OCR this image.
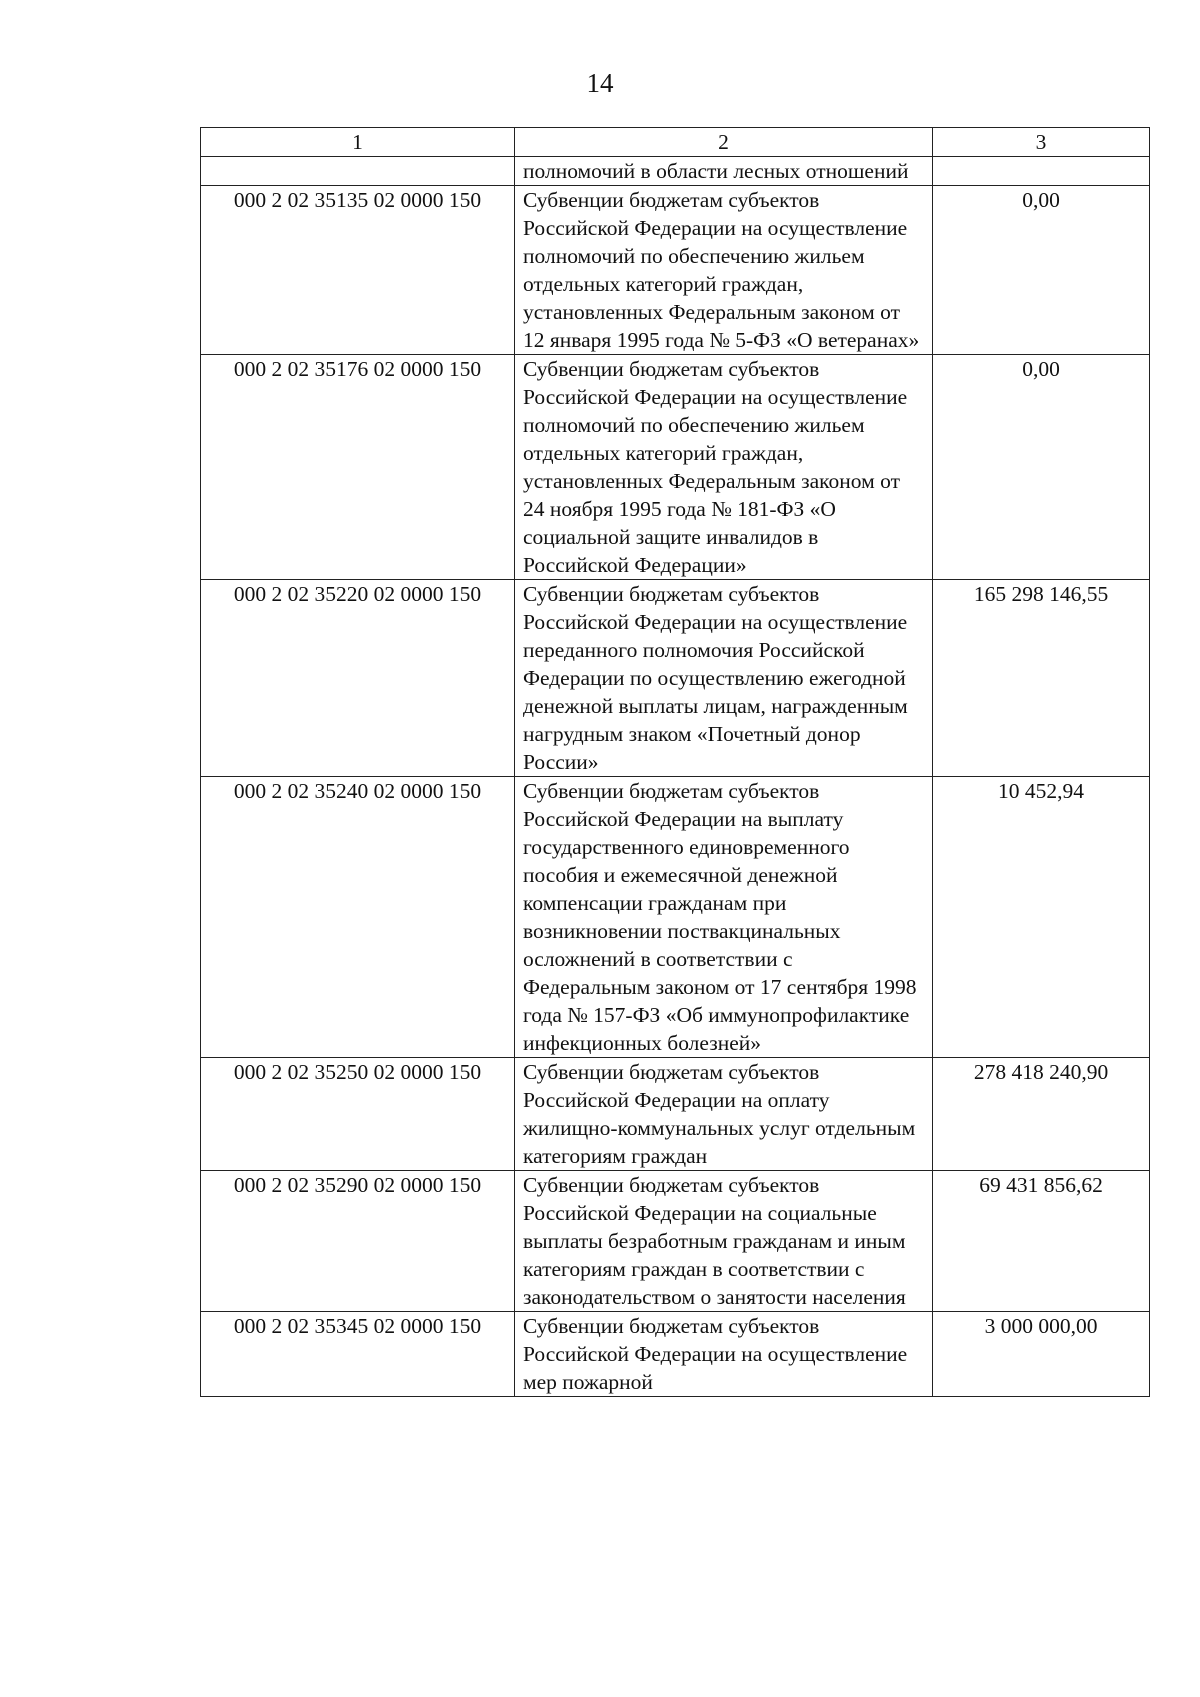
14
1	2	3
	полномочий в области лесных отношений	
000 2 02 35135 02 0000 150	Субвенции бюджетам субъектов Российской Федерации на осуществление полномочий по обеспечению жильем отдельных категорий граждан, установленных Федеральным законом от 12 января 1995 года № 5-ФЗ «О ветеранах»	0,00
000 2 02 35176 02 0000 150	Субвенции бюджетам субъектов Российской Федерации на осуществление полномочий по обеспечению жильем отдельных категорий граждан, установленных Федеральным законом от 24 ноября 1995 года № 181-ФЗ «О социальной защите инвалидов в Российской Федерации»	0,00
000 2 02 35220 02 0000 150	Субвенции бюджетам субъектов Российской Федерации на осуществление переданного полномочия Российской Федерации по осуществлению ежегодной денежной выплаты лицам, награжденным нагрудным знаком «Почетный донор России»	165 298 146,55
000 2 02 35240 02 0000 150	Субвенции бюджетам субъектов Российской Федерации на выплату государственного единовременного пособия и ежемесячной денежной компенсации гражданам при возникновении поствакцинальных осложнений в соответствии с Федеральным законом от 17 сентября 1998 года № 157-ФЗ «Об иммунопрофилактике инфекционных болезней»	10 452,94
000 2 02 35250 02 0000 150	Субвенции бюджетам субъектов Российской Федерации на оплату жилищно-коммунальных услуг отдельным категориям граждан	278 418 240,90
000 2 02 35290 02 0000 150	Субвенции бюджетам субъектов Российской Федерации на социальные выплаты безработным гражданам и иным категориям граждан в соответствии с законодательством о занятости населения	69 431 856,62
000 2 02 35345 02 0000 150	Субвенции бюджетам субъектов Российской Федерации на осуществление мер пожарной	3 000 000,00
